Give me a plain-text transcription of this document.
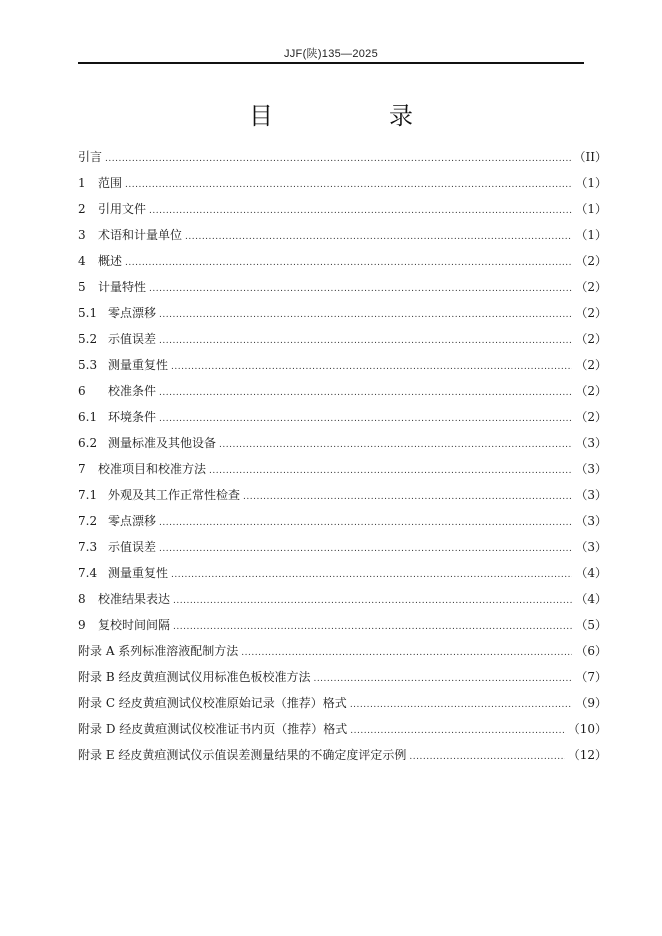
JJF(陕)135—2025
目　录
引言 .....	（II）
1	范围 .....	（1）
2	引用文件 .....	（1）
3	术语和计量单位 .....	（1）
4	概述 .....	（2）
5	计量特性 .....	（2）
5.1 零点漂移 .....	（2）
5.2 示值误差 .....	（2）
5.3 测量重复性 .....	（2）
6	校准条件 .....	（2）
6.1 环境条件 .....	（2）
6.2 测量标准及其他设备 .....	（3）
7	校准项目和校准方法 .....	（3）
7.1 外观及其工作正常性检查 .....	（3）
7.2 零点漂移 .....	（3）
7.3 示值误差 .....	（3）
7.4 测量重复性 .....	（4）
8	校准结果表达 .....	（4）
9	复校时间间隔 .....	（5）
附录 A 系列标准溶液配制方法 .....	（6）
附录 B 经皮黄疸测试仪用标准色板校准方法 .....	（7）
附录 C 经皮黄疸测试仪校准原始记录（推荐）格式 .....	（9）
附录 D 经皮黄疸测试仪校准证书内页（推荐）格式 .....	（10）
附录 E 经皮黄疸测试仪示值误差测量结果的不确定度评定示例 .....	（12）
